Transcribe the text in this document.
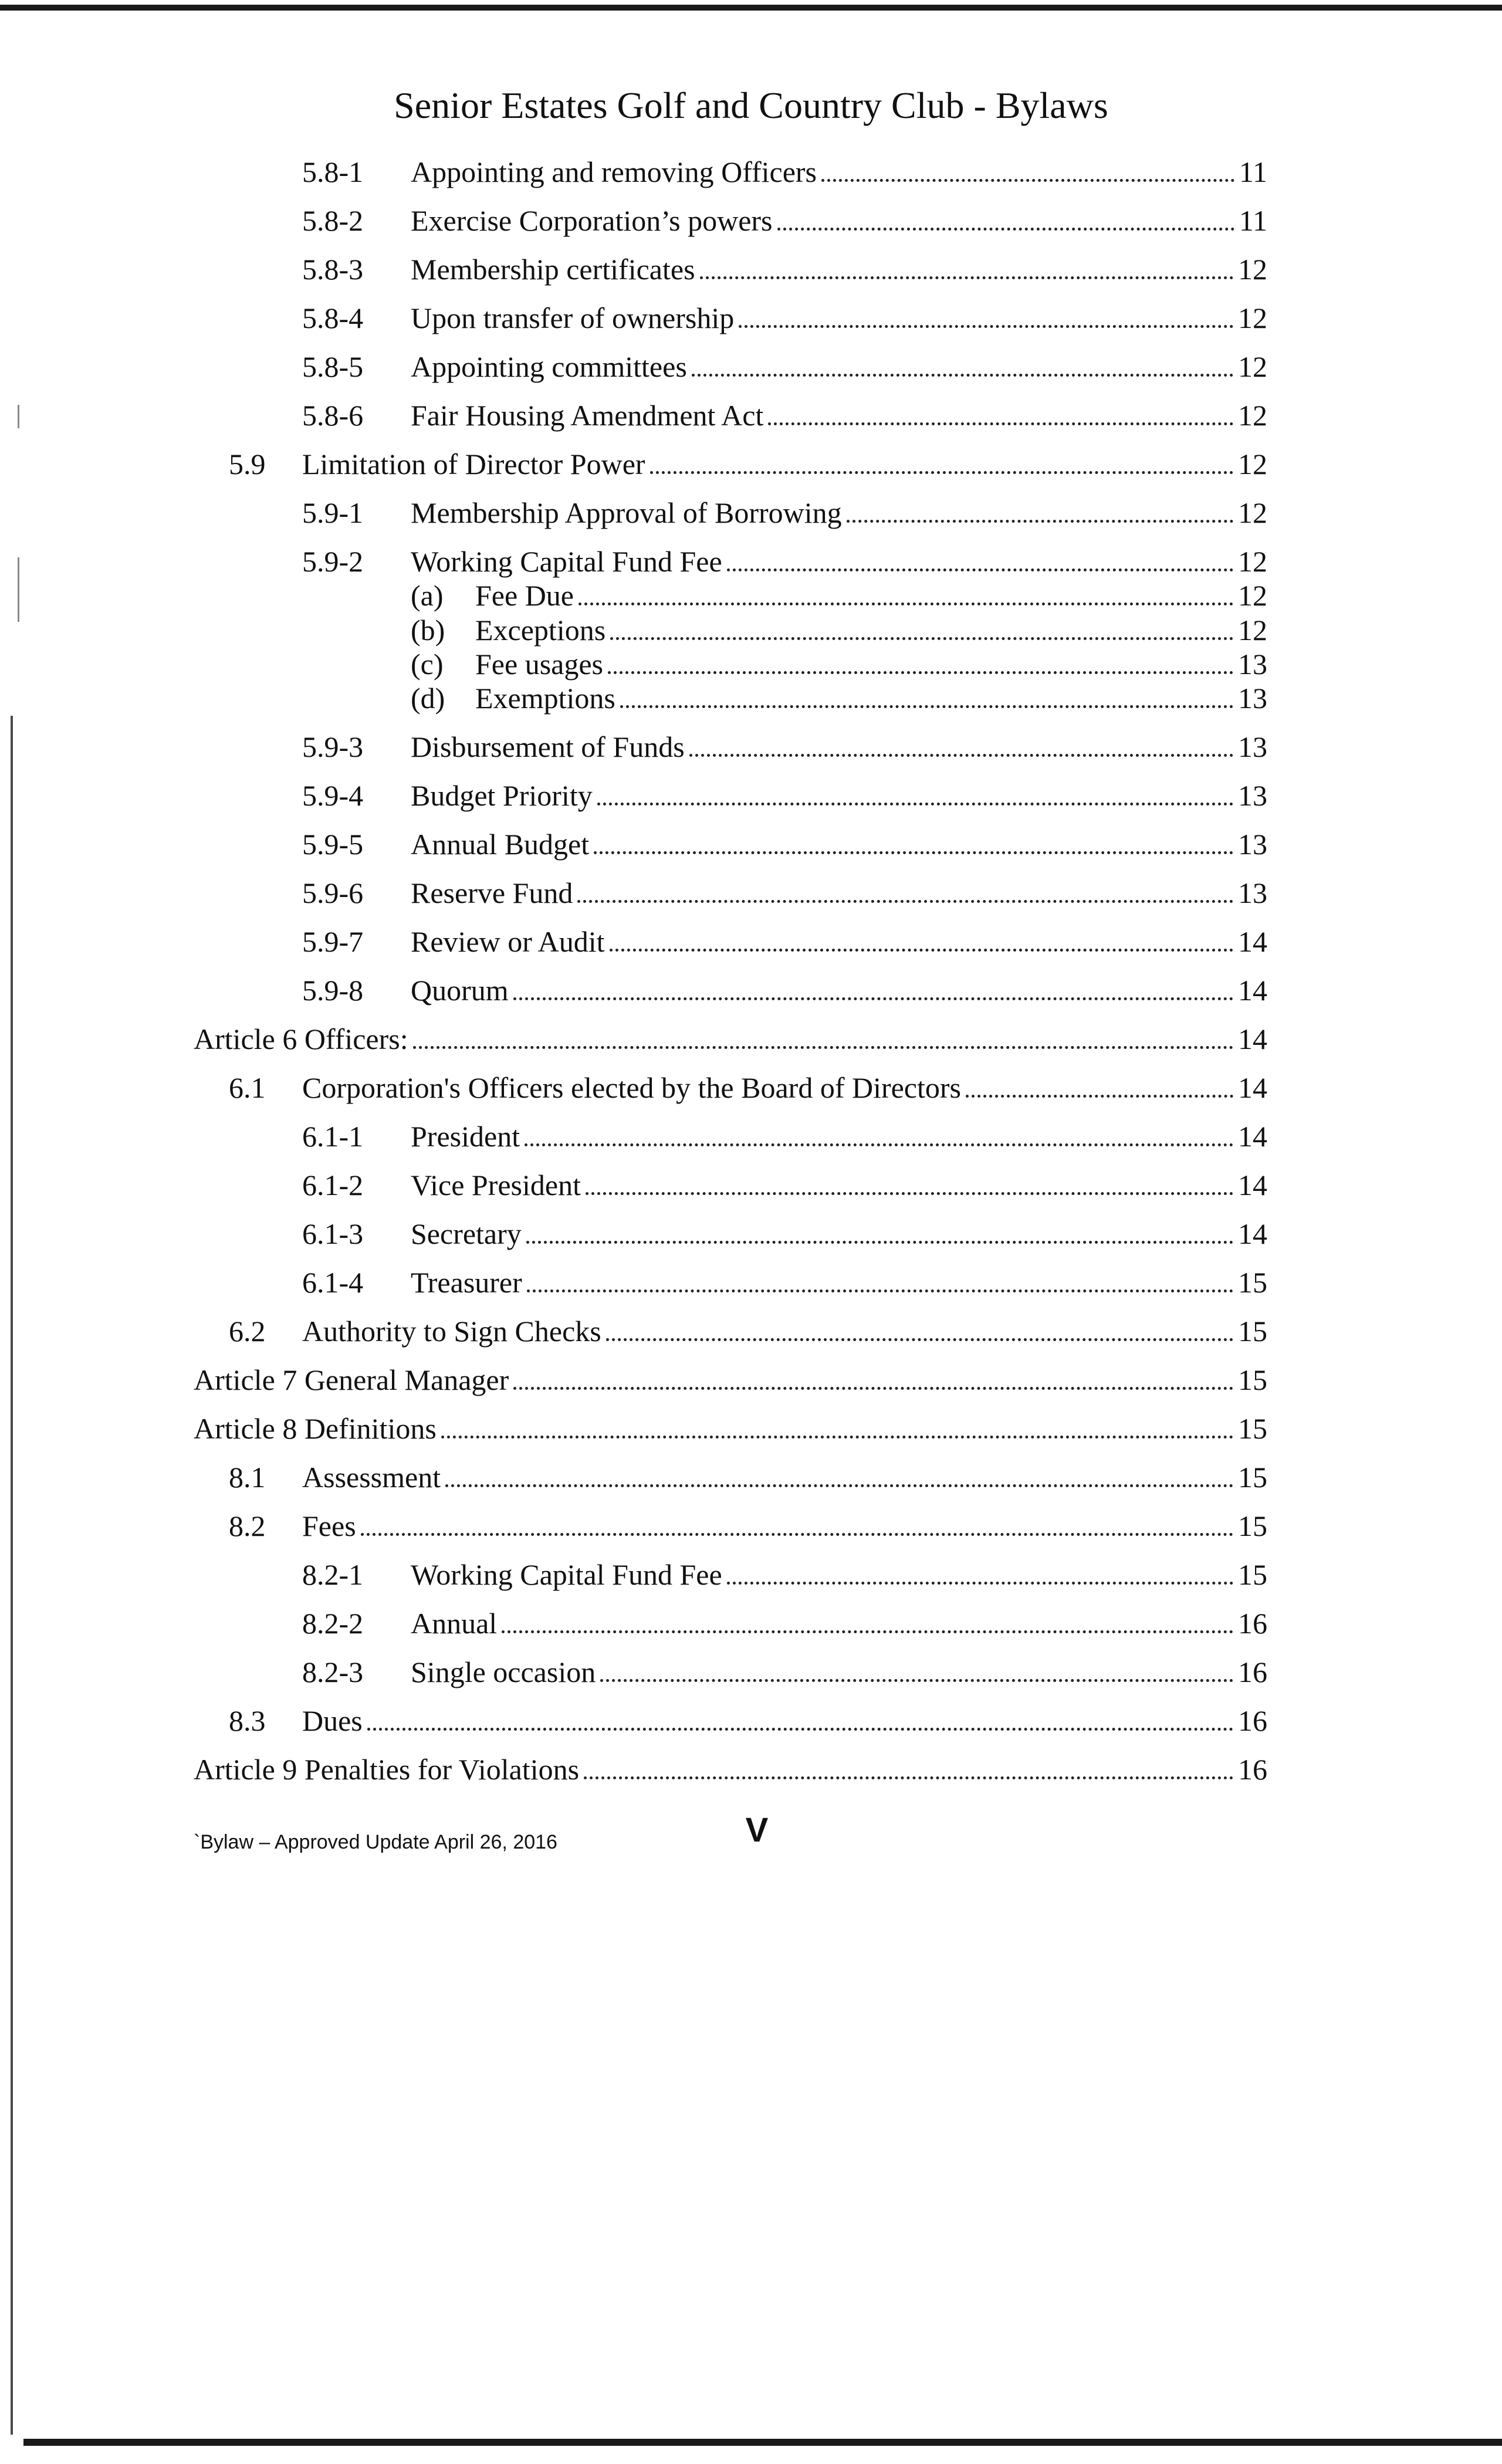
Senior Estates Golf and Country Club - Bylaws
5.8-1 Appointing and removing Officers	11
5.8-2 Exercise Corporation’s powers	11
5.8-3 Membership certificates	12
5.8-4 Upon transfer of ownership	12
5.8-5 Appointing committees	12
5.8-6 Fair Housing Amendment Act	12
5.9 Limitation of Director Power	12
5.9-1 Membership Approval of Borrowing	12
5.9-2 Working Capital Fund Fee	12
(a) Fee Due	12
(b) Exceptions	12
(c) Fee usages	13
(d) Exemptions	13
5.9-3 Disbursement of Funds	13
5.9-4 Budget Priority	13
5.9-5 Annual Budget	13
5.9-6 Reserve Fund	13
5.9-7 Review or Audit	14
5.9-8 Quorum	14
Article 6 Officers:	14
6.1 Corporation's Officers elected by the Board of Directors	14
6.1-1 President	14
6.1-2 Vice President	14
6.1-3 Secretary	14
6.1-4 Treasurer	15
6.2 Authority to Sign Checks	15
Article 7 General Manager	15
Article 8 Definitions	15
8.1 Assessment	15
8.2 Fees	15
8.2-1 Working Capital Fund Fee	15
8.2-2 Annual	16
8.2-3 Single occasion	16
8.3 Dues	16
Article 9 Penalties for Violations	16
`Bylaw – Approved Update April 26, 2016	V
